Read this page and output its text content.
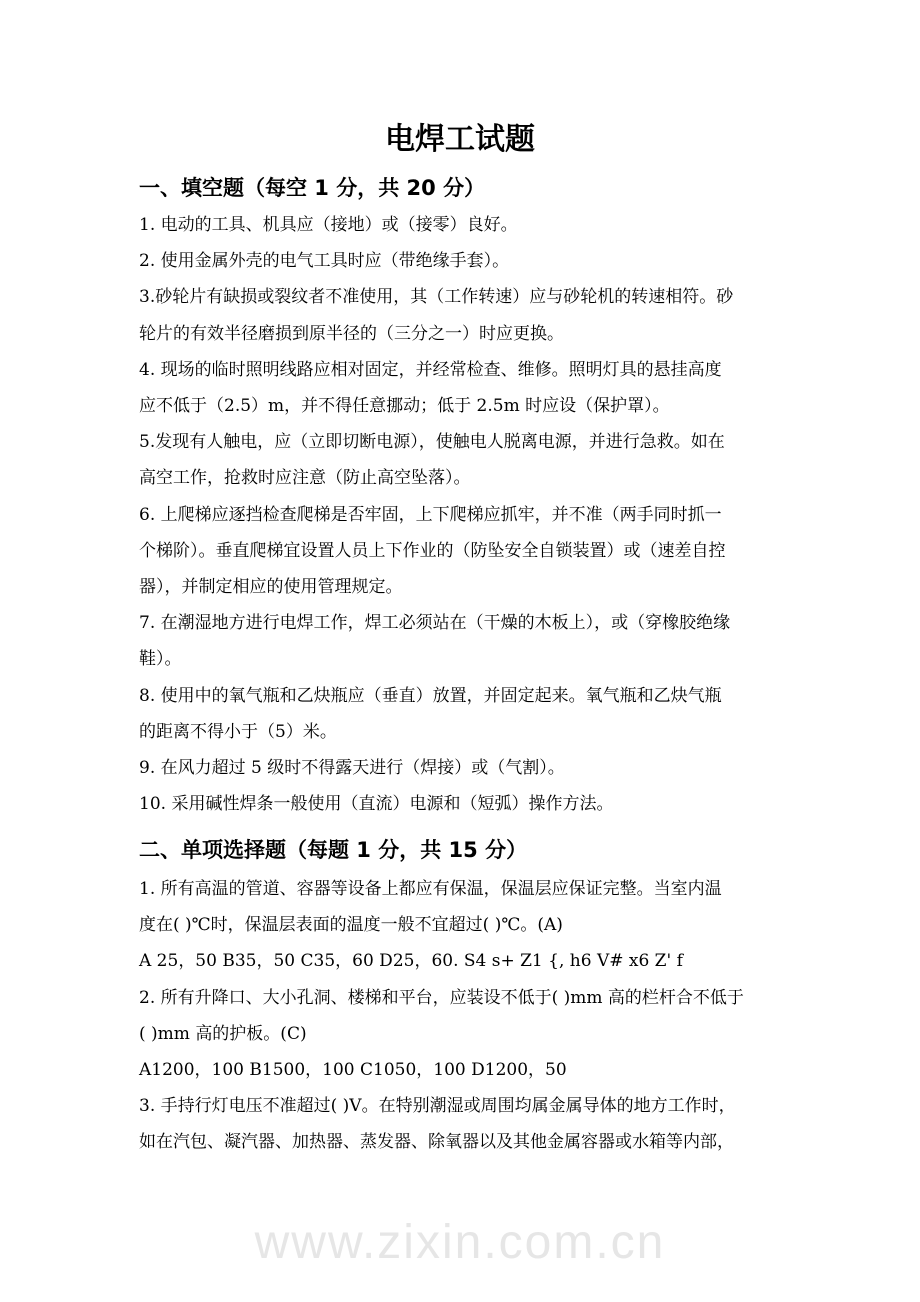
电焊工试题
一、填空题（每空 1 分，共 20 分）
1. 电动的工具、机具应（接地）或（接零）良好。
2. 使用金属外壳的电气工具时应（带绝缘手套）。
3.砂轮片有缺损或裂纹者不准使用，其（工作转速）应与砂轮机的转速相符。砂
轮片的有效半径磨损到原半径的（三分之一）时应更换。
4. 现场的临时照明线路应相对固定，并经常检查、维修。照明灯具的悬挂高度
应不低于（2.5）m，并不得任意挪动；低于 2.5m 时应设（保护罩）。
5.发现有人触电，应（立即切断电源），使触电人脱离电源，并进行急救。如在
高空工作，抢救时应注意（防止高空坠落）。
6. 上爬梯应逐挡检查爬梯是否牢固，上下爬梯应抓牢，并不准（两手同时抓一
个梯阶）。垂直爬梯宜设置人员上下作业的（防坠安全自锁装置）或（速差自控
器），并制定相应的使用管理规定。
7. 在潮湿地方进行电焊工作，焊工必须站在（干燥的木板上），或（穿橡胶绝缘
鞋）。
8. 使用中的氧气瓶和乙炔瓶应（垂直）放置，并固定起来。氧气瓶和乙炔气瓶
的距离不得小于（5）米。
9. 在风力超过 5 级时不得露天进行（焊接）或（气割）。
10. 采用碱性焊条一般使用（直流）电源和（短弧）操作方法。
二、单项选择题（每题 1 分，共 15 分）
1. 所有高温的管道、容器等设备上都应有保温，保温层应保证完整。当室内温
度在( )℃时，保温层表面的温度一般不宜超过( )℃。(A)
A 25，50 B35，50 C35，60 D25，60. S4 s+ Z1 {, h6 V# x6 Z' f
2. 所有升降口、大小孔洞、楼梯和平台，应装设不低于( )mm 高的栏杆合不低于
( )mm 高的护板。(C)
A1200，100 B1500，100 C1050，100 D1200，50
3. 手持行灯电压不准超过( )V。在特别潮湿或周围均属金属导体的地方工作时，
如在汽包、凝汽器、加热器、蒸发器、除氧器以及其他金属容器或水箱等内部，
www.zixin.com.cn
